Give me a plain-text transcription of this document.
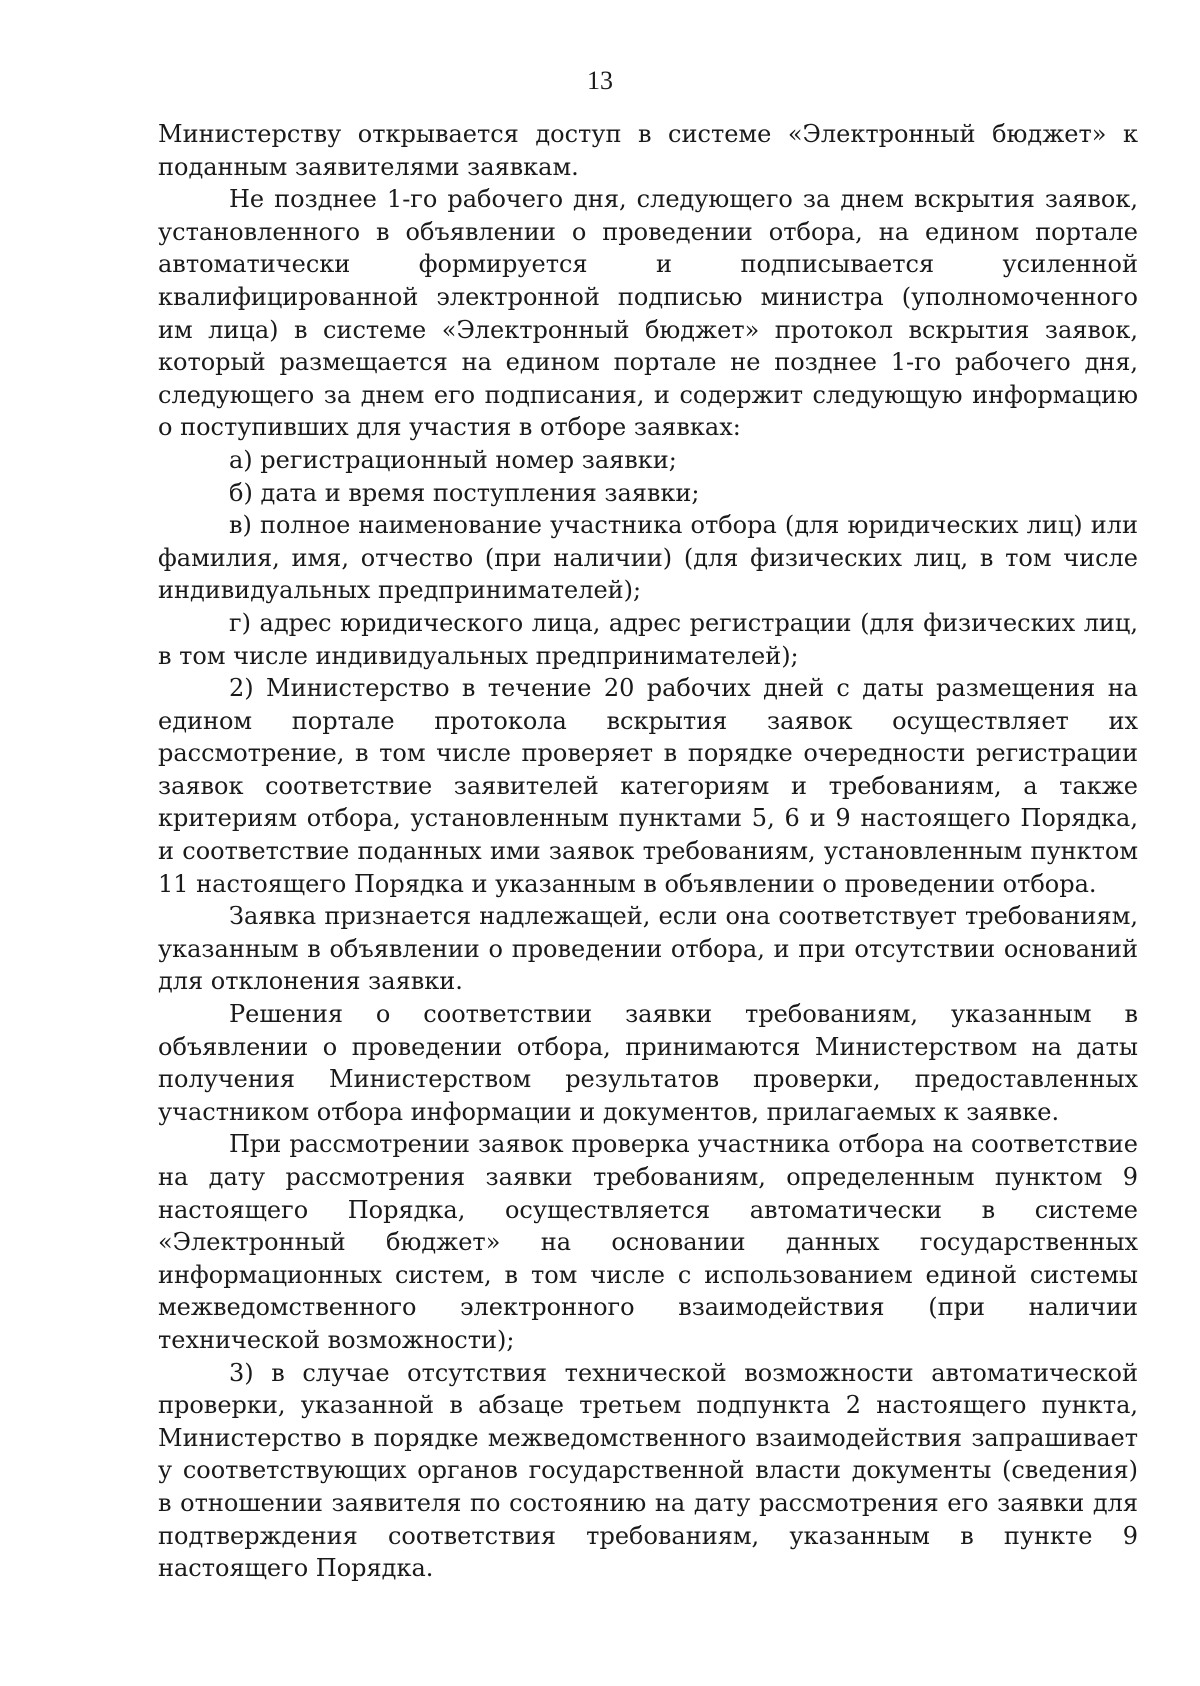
13

Министерству открывается доступ в системе «Электронный бюджет» к поданным заявителями заявкам.

Не позднее 1-го рабочего дня, следующего за днем вскрытия заявок, установленного в объявлении о проведении отбора, на едином портале автоматически формируется и подписывается усиленной квалифицированной электронной подписью министра (уполномоченного им лица) в системе «Электронный бюджет» протокол вскрытия заявок, который размещается на едином портале не позднее 1-го рабочего дня, следующего за днем его подписания, и содержит следующую информацию о поступивших для участия в отборе заявках:

а) регистрационный номер заявки;

б) дата и время поступления заявки;

в) полное наименование участника отбора (для юридических лиц) или фамилия, имя, отчество (при наличии) (для физических лиц, в том числе индивидуальных предпринимателей);

г) адрес юридического лица, адрес регистрации (для физических лиц, в том числе индивидуальных предпринимателей);

2) Министерство в течение 20 рабочих дней с даты размещения на едином портале протокола вскрытия заявок осуществляет их рассмотрение, в том числе проверяет в порядке очередности регистрации заявок соответствие заявителей категориям и требованиям, а также критериям отбора, установленным пунктами 5, 6 и 9 настоящего Порядка, и соответствие поданных ими заявок требованиям, установленным пунктом 11 настоящего Порядка и указанным в объявлении о проведении отбора.

Заявка признается надлежащей, если она соответствует требованиям, указанным в объявлении о проведении отбора, и при отсутствии оснований для отклонения заявки.

Решения о соответствии заявки требованиям, указанным в объявлении о проведении отбора, принимаются Министерством на даты получения Министерством результатов проверки, предоставленных участником отбора информации и документов, прилагаемых к заявке.

При рассмотрении заявок проверка участника отбора на соответствие на дату рассмотрения заявки требованиям, определенным пунктом 9 настоящего Порядка, осуществляется автоматически в системе «Электронный бюджет» на основании данных государственных информационных систем, в том числе с использованием единой системы межведомственного электронного взаимодействия (при наличии технической возможности);

3) в случае отсутствия технической возможности автоматической проверки, указанной в абзаце третьем подпункта 2 настоящего пункта, Министерство в порядке межведомственного взаимодействия запрашивает у соответствующих органов государственной власти документы (сведения) в отношении заявителя по состоянию на дату рассмотрения его заявки для подтверждения соответствия требованиям, указанным в пункте 9 настоящего Порядка.
